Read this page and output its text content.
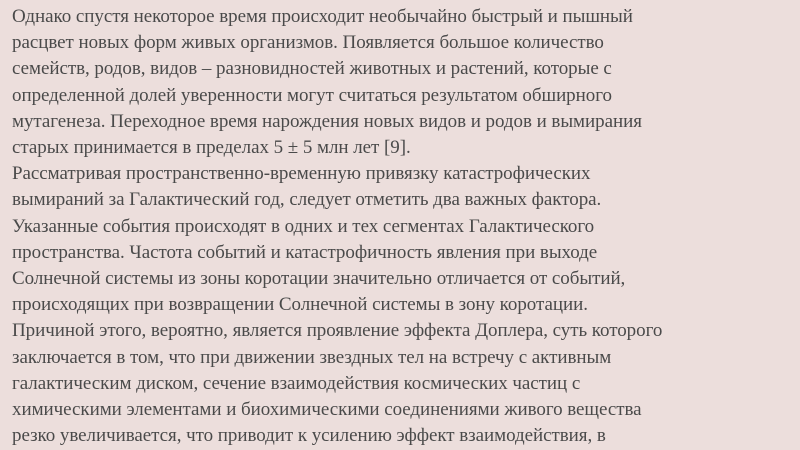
Однако спустя некоторое время происходит необычайно быстрый и пышный
расцвет новых форм живых организмов. Появляется большое количество
семейств, родов, видов – разновидностей животных и растений, которые с
определенной долей уверенности могут считаться результатом обширного
мутагенеза. Переходное время нарождения новых видов и родов и вымирания
старых принимается в пределах 5 ± 5 млн лет [9].
Рассматривая пространственно-временную привязку катастрофических
вымираний за Галактический год, следует отметить два важных фактора.
Указанные события происходят в одних и тех сегментах Галактического
пространства. Частота событий и катастрофичность явления при выходе
Солнечной системы из зоны коротации значительно отличается от событий,
происходящих при возвращении Солнечной системы в зону коротации.
Причиной этого, вероятно, является проявление эффекта Доплера, суть которого
заключается в том, что при движении звездных тел на встречу с активным
галактическим диском, сечение взаимодействия космических частиц с
химическими элементами и биохимическими соединениями живого вещества
резко увеличивается, что приводит к усилению эффект взаимодействия, в
